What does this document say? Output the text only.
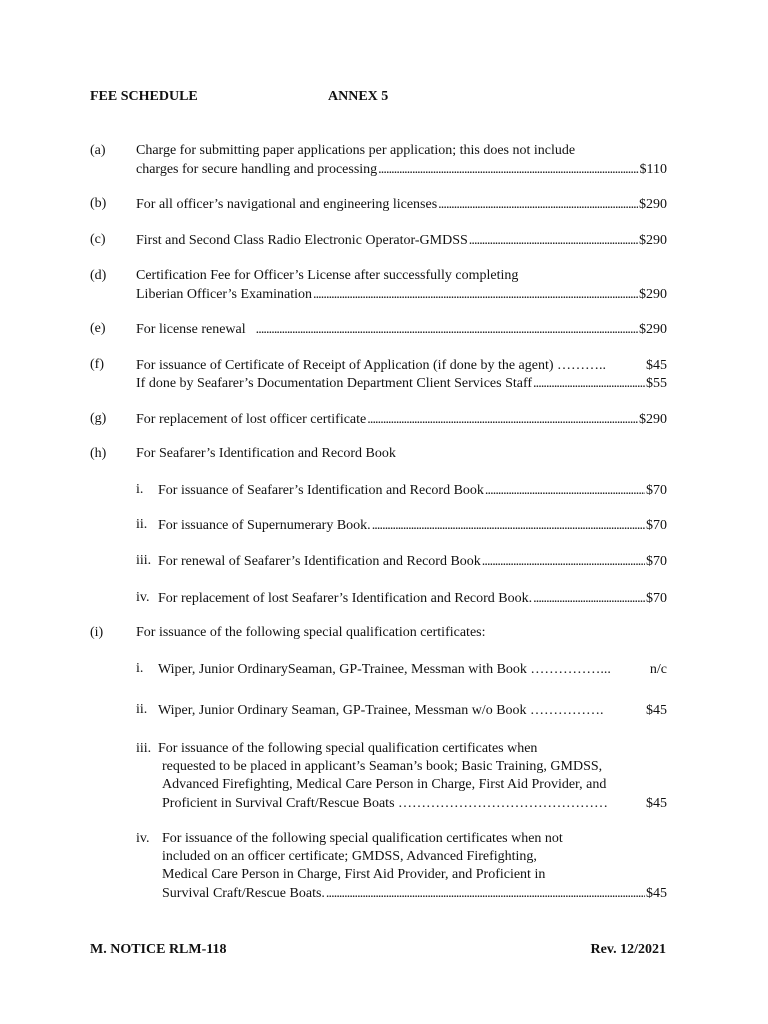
FEE SCHEDULE	ANNEX 5
(a) Charge for submitting paper applications per application; this does not include
charges for secure handling and processing . . .	$110
(b) For all officer’s navigational and engineering licenses . . .	$290
(c) First and Second Class Radio Electronic Operator-GMDSS . . .	$290
(d) Certification Fee for Officer’s License after successfully completing
Liberian Officer’s Examination . . .	$290
(e) For license renewal . . .	$290
(f) For issuance of Certificate of Receipt of Application (if done by the agent) ………..	$45
If done by Seafarer’s Documentation Department Client Services Staff . . .	$55
(g) For replacement of lost officer certificate . . .	$290
(h) For Seafarer’s Identification and Record Book
i. For issuance of Seafarer’s Identification and Record Book . . .	$70
ii. For issuance of Supernumerary Book. . . .	$70
iii. For renewal of Seafarer’s Identification and Record Book . . .	$70
iv. For replacement of lost Seafarer’s Identification and Record Book. . . .	$70
(i) For issuance of the following special qualification certificates:
i. Wiper, Junior OrdinarySeaman, GP-Trainee, Messman with Book ……………...	n/c
ii. Wiper, Junior Ordinary Seaman, GP-Trainee, Messman w/o Book …………….	$45
iii. For issuance of the following special qualification certificates when
requested to be placed in applicant’s Seaman’s book; Basic Training, GMDSS,
Advanced Firefighting, Medical Care Person in Charge, First Aid Provider, and
Proficient in Survival Craft/Rescue Boats ………………………………………	$45
iv. For issuance of the following special qualification certificates when not
included on an officer certificate; GMDSS, Advanced Firefighting,
Medical Care Person in Charge, First Aid Provider, and Proficient in
Survival Craft/Rescue Boats. . . .	$45
M. NOTICE RLM-118	Rev. 12/2021
